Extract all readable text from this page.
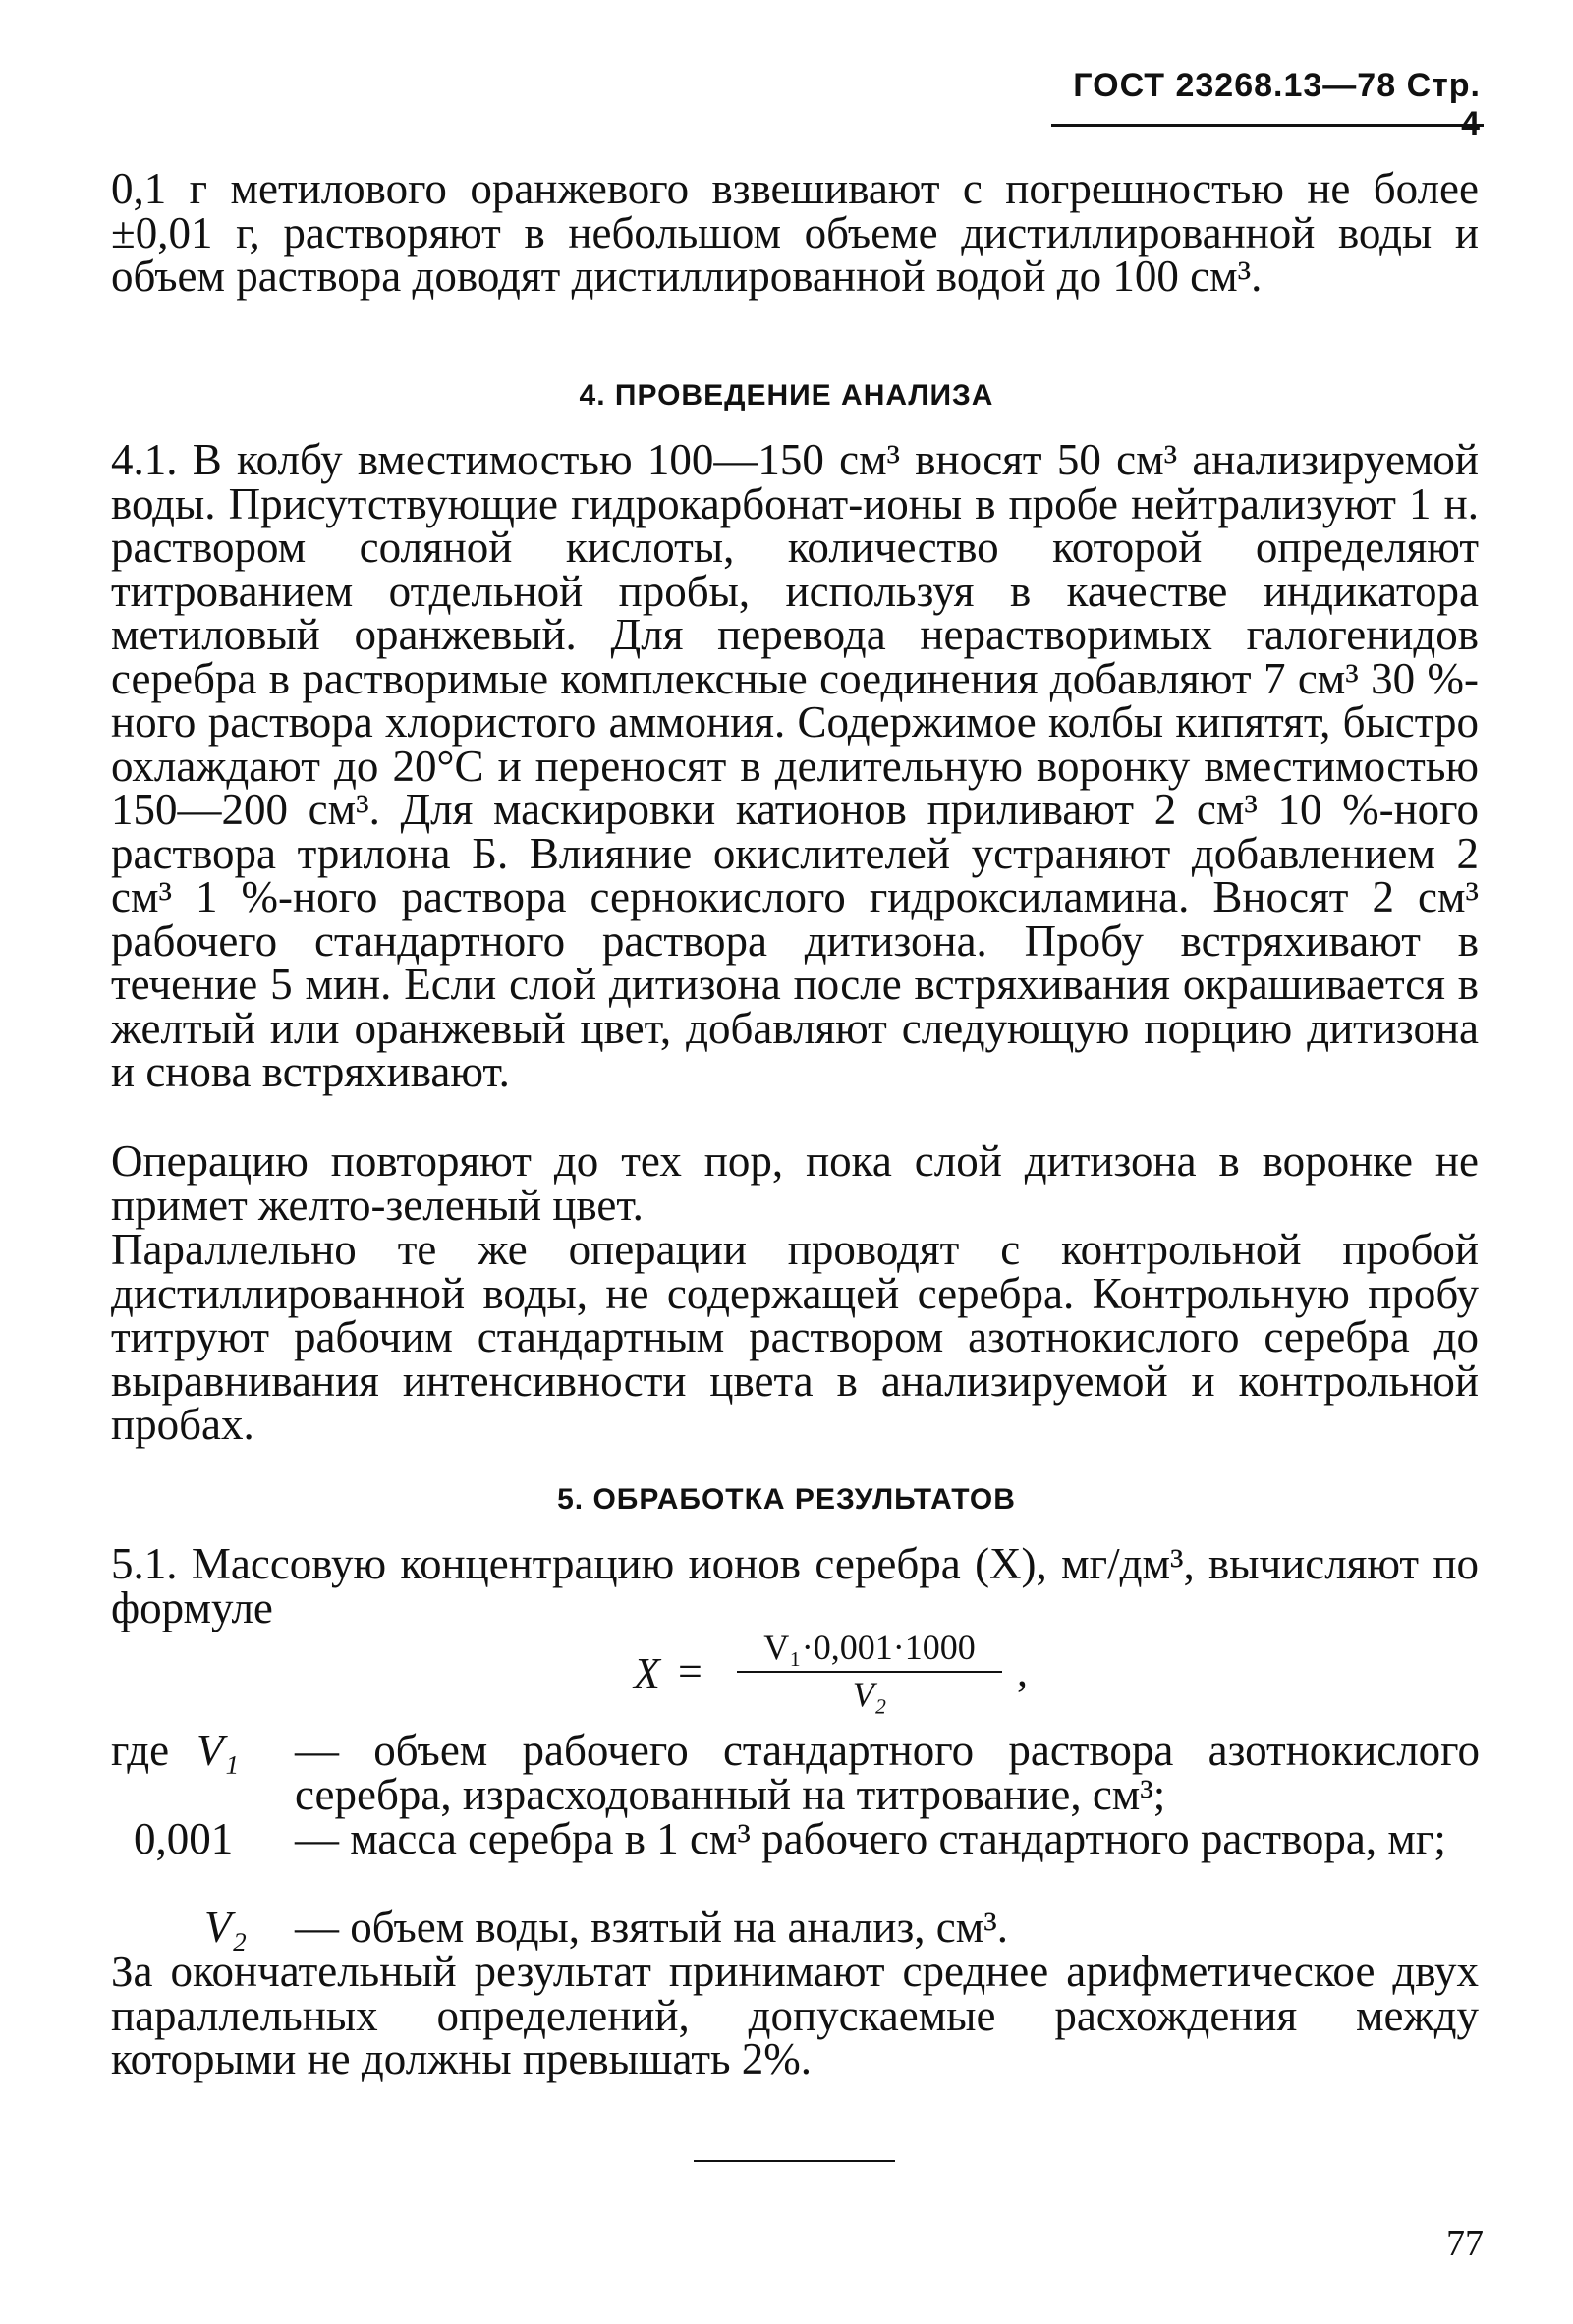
ГОСТ 23268.13—78 Стр.

0,1 г метилового оранжевого взвешивают с погрешностью не более ±0,01 г, растворяют в небольшом объеме дистиллированной воды и объем раствора доводят дистиллированной водой до 100 см³.

4. ПРОВЕДЕНИЕ АНАЛИЗА

4.1. В колбу вместимостью 100—150 см³ вносят 50 см³ анализируемой воды. Присутствующие гидрокарбонат-ионы в пробе нейтрализуют 1 н. раствором соляной кислоты, количество которой определяют титрованием отдельной пробы, используя в качестве индикатора метиловый оранжевый. Для перевода нерастворимых галогенидов серебра в растворимые комплексные соединения добавляют 7 см³ 30 %-ного раствора хлористого аммония. Содержимое колбы кипятят, быстро охлаждают до 20°С и переносят в делительную воронку вместимостью 150—200 см³. Для маскировки катионов приливают 2 см³ 10 %-ного раствора трилона Б. Влияние окислителей устраняют добавлением 2 см³ 1 %-ного раствора сернокислого гидроксиламина. Вносят 2 см³ рабочего стандартного раствора дитизона. Пробу встряхивают в течение 5 мин. Если слой дитизона после встряхивания окрашивается в желтый или оранжевый цвет, добавляют следующую порцию дитизона и снова встряхивают.

Операцию повторяют до тех пор, пока слой дитизона в воронке не примет желто-зеленый цвет.

Параллельно те же операции проводят с контрольной пробой дистиллированной воды, не содержащей серебра. Контрольную пробу титруют рабочим стандартным раствором азотнокислого серебра до выравнивания интенсивности цвета в анализируемой и контрольной пробах.

5. ОБРАБОТКА РЕЗУЛЬТАТОВ

5.1. Массовую концентрацию ионов серебра (X), мг/дм³, вычисляют по формуле

X =	V₁·0,001·1000
V₂	,
где V₁ — объем рабочего стандартного раствора азотнокислого серебра, израсходованный на титрование, см³;
0,001 — масса серебра в 1 см³ рабочего стандартного раствора, мг;
V₂ — объем воды, взятый на анализ, см³.

За окончательный результат принимают среднее арифметическое двух параллельных определений, допускаемые расхождения между которыми не должны превышать 2%.

77
